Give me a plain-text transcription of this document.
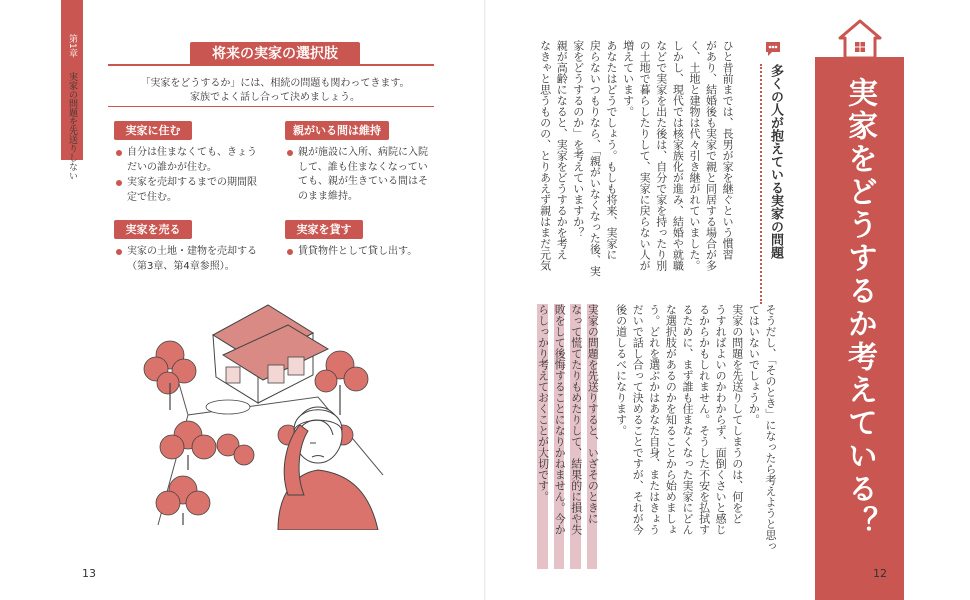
第1章
実家の問題を先送りしない
将来の実家の選択肢
「実家をどうするか」には、相続の問題も関わってきます。
家族でよく話し合って決めましょう。
実家に住む
自分は住まなくても、きょう
だいの誰かが住む。
実家を売却するまでの期間限
定で住む。
親がいる間は維持
親が施設に入所、病院に入院
して、誰も住まなくなってい
ても、親が生きている間はそ
のまま維持。
実家を売る
実家の土地・建物を売却する
（第3章、第4章参照）。
実家を貸す
賃貸物件として貸し出す。
13
実家をどうするか考えている？
多くの人が抱えている実家の問題
ひと昔前までは、長男が家を継ぐという慣習
があり、結婚後も実家で親と同居する場合が多
く、土地と建物は代々引き継がれていました。
しかし、現代では核家族化が進み、結婚や就職
などで実家を出た後は、自分で家を持ったり別
の土地で暮らしたりして、実家に戻らない人が
増えています。
あなたはどうでしょう。もしも将来、実家に
戻らないつもりなら、「親がいなくなった後、実
家をどうするのか」を考えていますか？
親が高齢になると、実家をどうするかを考え
なきゃと思うものの、とりあえず親はまだ元気
そうだし、「そのとき」になったら考えようと思っ
てはいないでしょうか。
実家の問題を先送りしてしまうのは、何をど
うすればよいのかわからず、面倒くさいと感じ
るからかもしれません。そうした不安を払拭す
るために、まず誰も住まなくなった実家にどん
な選択肢があるのかを知ることから始めましょ
う。どれを選ぶかはあなた自身、またはきょう
だいで話し合って決めることですが、それが今
後の道しるべになります。
実家の問題を先送りすると、いざそのときに
なって慌てたりもめたりして、結果的に損や失
敗をして後悔することになりかねません。今か
らしっかり考えておくことが大切です。
12
